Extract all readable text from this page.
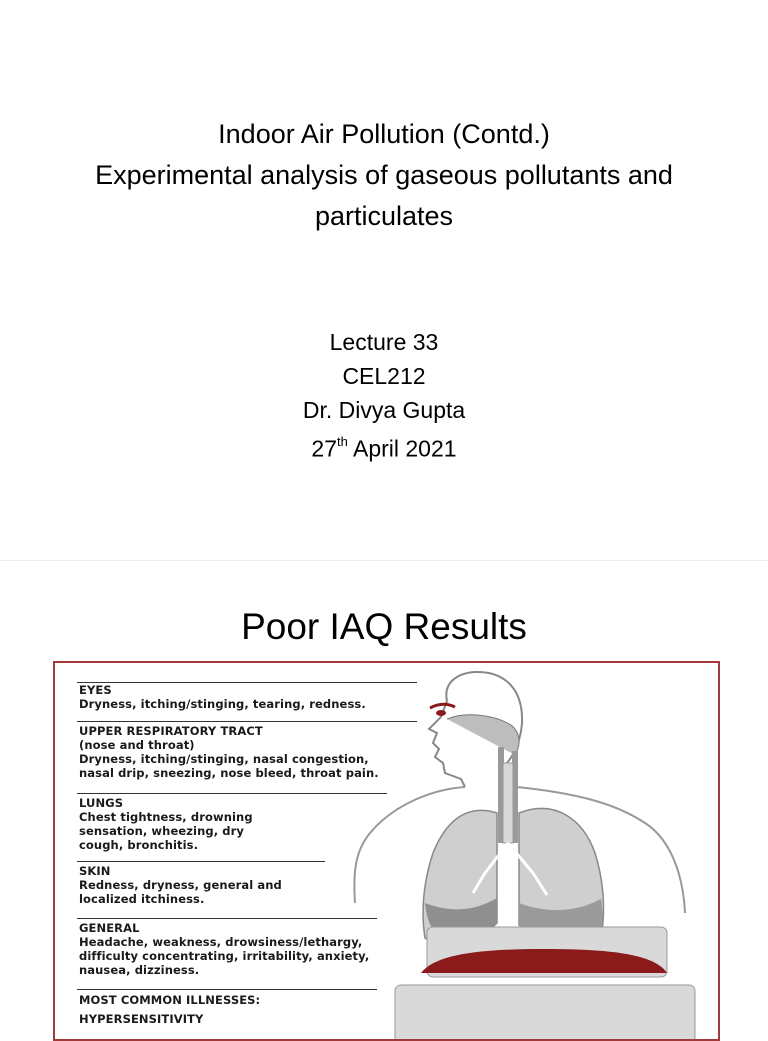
Indoor Air Pollution (Contd.)
Experimental analysis of gaseous pollutants and
particulates
Lecture 33
CEL212
Dr. Divya Gupta
27th April 2021
Poor IAQ Results
EYES
Dryness, itching/stinging, tearing, redness.
UPPER RESPIRATORY TRACT
(nose and throat)
Dryness, itching/stinging, nasal congestion,
nasal drip, sneezing, nose bleed, throat pain.
LUNGS
Chest tightness, drowning
sensation, wheezing, dry
cough, bronchitis.
SKIN
Redness, dryness, general and
localized itchiness.
GENERAL
Headache, weakness, drowsiness/lethargy,
difficulty concentrating, irritability, anxiety,
nausea, dizziness.
MOST COMMON ILLNESSES:
HYPERSENSITIVITY
